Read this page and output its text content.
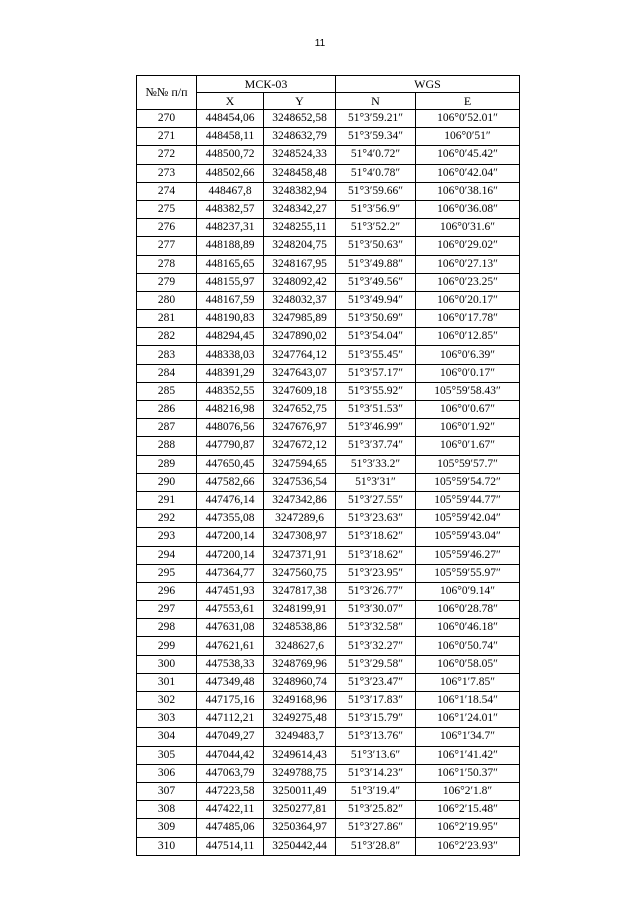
11
№№ п/п	МСК-03		WGS	
	X	Y	N	E
270	448454,06	3248652,58	51°3′59.21″	106°0′52.01″
271	448458,11	3248632,79	51°3′59.34″	106°0′51″
272	448500,72	3248524,33	51°4′0.72″	106°0′45.42″
273	448502,66	3248458,48	51°4′0.78″	106°0′42.04″
274	448467,8	3248382,94	51°3′59.66″	106°0′38.16″
275	448382,57	3248342,27	51°3′56.9″	106°0′36.08″
276	448237,31	3248255,11	51°3′52.2″	106°0′31.6″
277	448188,89	3248204,75	51°3′50.63″	106°0′29.02″
278	448165,65	3248167,95	51°3′49.88″	106°0′27.13″
279	448155,97	3248092,42	51°3′49.56″	106°0′23.25″
280	448167,59	3248032,37	51°3′49.94″	106°0′20.17″
281	448190,83	3247985,89	51°3′50.69″	106°0′17.78″
282	448294,45	3247890,02	51°3′54.04″	106°0′12.85″
283	448338,03	3247764,12	51°3′55.45″	106°0′6.39″
284	448391,29	3247643,07	51°3′57.17″	106°0′0.17″
285	448352,55	3247609,18	51°3′55.92″	105°59′58.43″
286	448216,98	3247652,75	51°3′51.53″	106°0′0.67″
287	448076,56	3247676,97	51°3′46.99″	106°0′1.92″
288	447790,87	3247672,12	51°3′37.74″	106°0′1.67″
289	447650,45	3247594,65	51°3′33.2″	105°59′57.7″
290	447582,66	3247536,54	51°3′31″	105°59′54.72″
291	447476,14	3247342,86	51°3′27.55″	105°59′44.77″
292	447355,08	3247289,6	51°3′23.63″	105°59′42.04″
293	447200,14	3247308,97	51°3′18.62″	105°59′43.04″
294	447200,14	3247371,91	51°3′18.62″	105°59′46.27″
295	447364,77	3247560,75	51°3′23.95″	105°59′55.97″
296	447451,93	3247817,38	51°3′26.77″	106°0′9.14″
297	447553,61	3248199,91	51°3′30.07″	106°0′28.78″
298	447631,08	3248538,86	51°3′32.58″	106°0′46.18″
299	447621,61	3248627,6	51°3′32.27″	106°0′50.74″
300	447538,33	3248769,96	51°3′29.58″	106°0′58.05″
301	447349,48	3248960,74	51°3′23.47″	106°1′7.85″
302	447175,16	3249168,96	51°3′17.83″	106°1′18.54″
303	447112,21	3249275,48	51°3′15.79″	106°1′24.01″
304	447049,27	3249483,7	51°3′13.76″	106°1′34.7″
305	447044,42	3249614,43	51°3′13.6″	106°1′41.42″
306	447063,79	3249788,75	51°3′14.23″	106°1′50.37″
307	447223,58	3250011,49	51°3′19.4″	106°2′1.8″
308	447422,11	3250277,81	51°3′25.82″	106°2′15.48″
309	447485,06	3250364,97	51°3′27.86″	106°2′19.95″
310	447514,11	3250442,44	51°3′28.8″	106°2′23.93″
